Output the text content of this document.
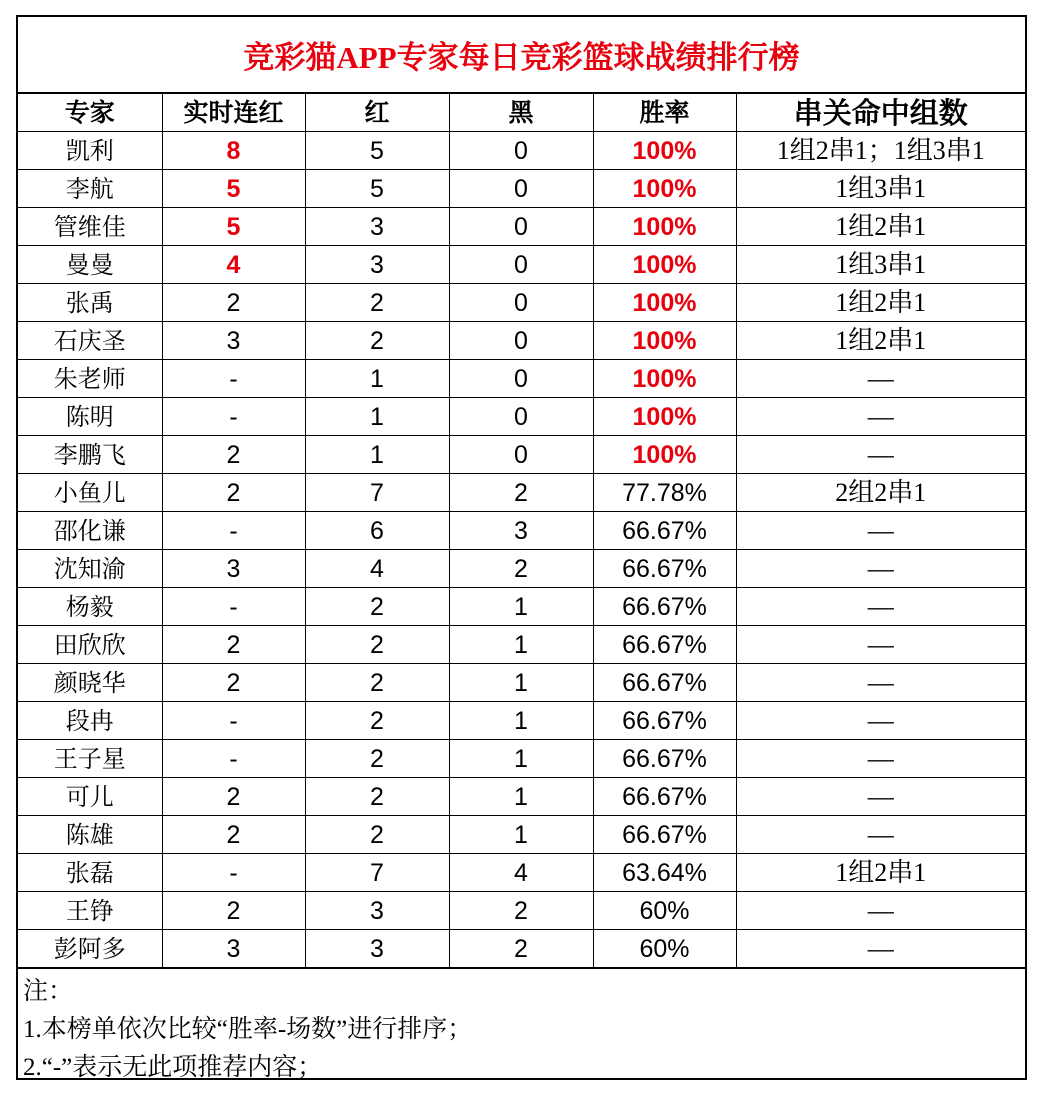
竞彩猫APP专家每日竞彩篮球战绩排行榜
专家	实时连红	红	黑	胜率	串关命中组数
凯利	8	5	0	100%	1组2串1；1组3串1
李航	5	5	0	100%	1组3串1
管维佳	5	3	0	100%	1组2串1
曼曼	4	3	0	100%	1组3串1
张禹	2	2	0	100%	1组2串1
石庆圣	3	2	0	100%	1组2串1
朱老师	-	1	0	100%	—
陈明	-	1	0	100%	—
李鹏飞	2	1	0	100%	—
小鱼儿	2	7	2	77.78%	2组2串1
邵化谦	-	6	3	66.67%	—
沈知渝	3	4	2	66.67%	—
杨毅	-	2	1	66.67%	—
田欣欣	2	2	1	66.67%	—
颜晓华	2	2	1	66.67%	—
段冉	-	2	1	66.67%	—
王子星	-	2	1	66.67%	—
可儿	2	2	1	66.67%	—
陈雄	2	2	1	66.67%	—
张磊	-	7	4	63.64%	1组2串1
王铮	2	3	2	60%	—
彭阿多	3	3	2	60%	—
注：
1.本榜单依次比较“胜率-场数”进行排序；
2.“-”表示无此项推荐内容；
